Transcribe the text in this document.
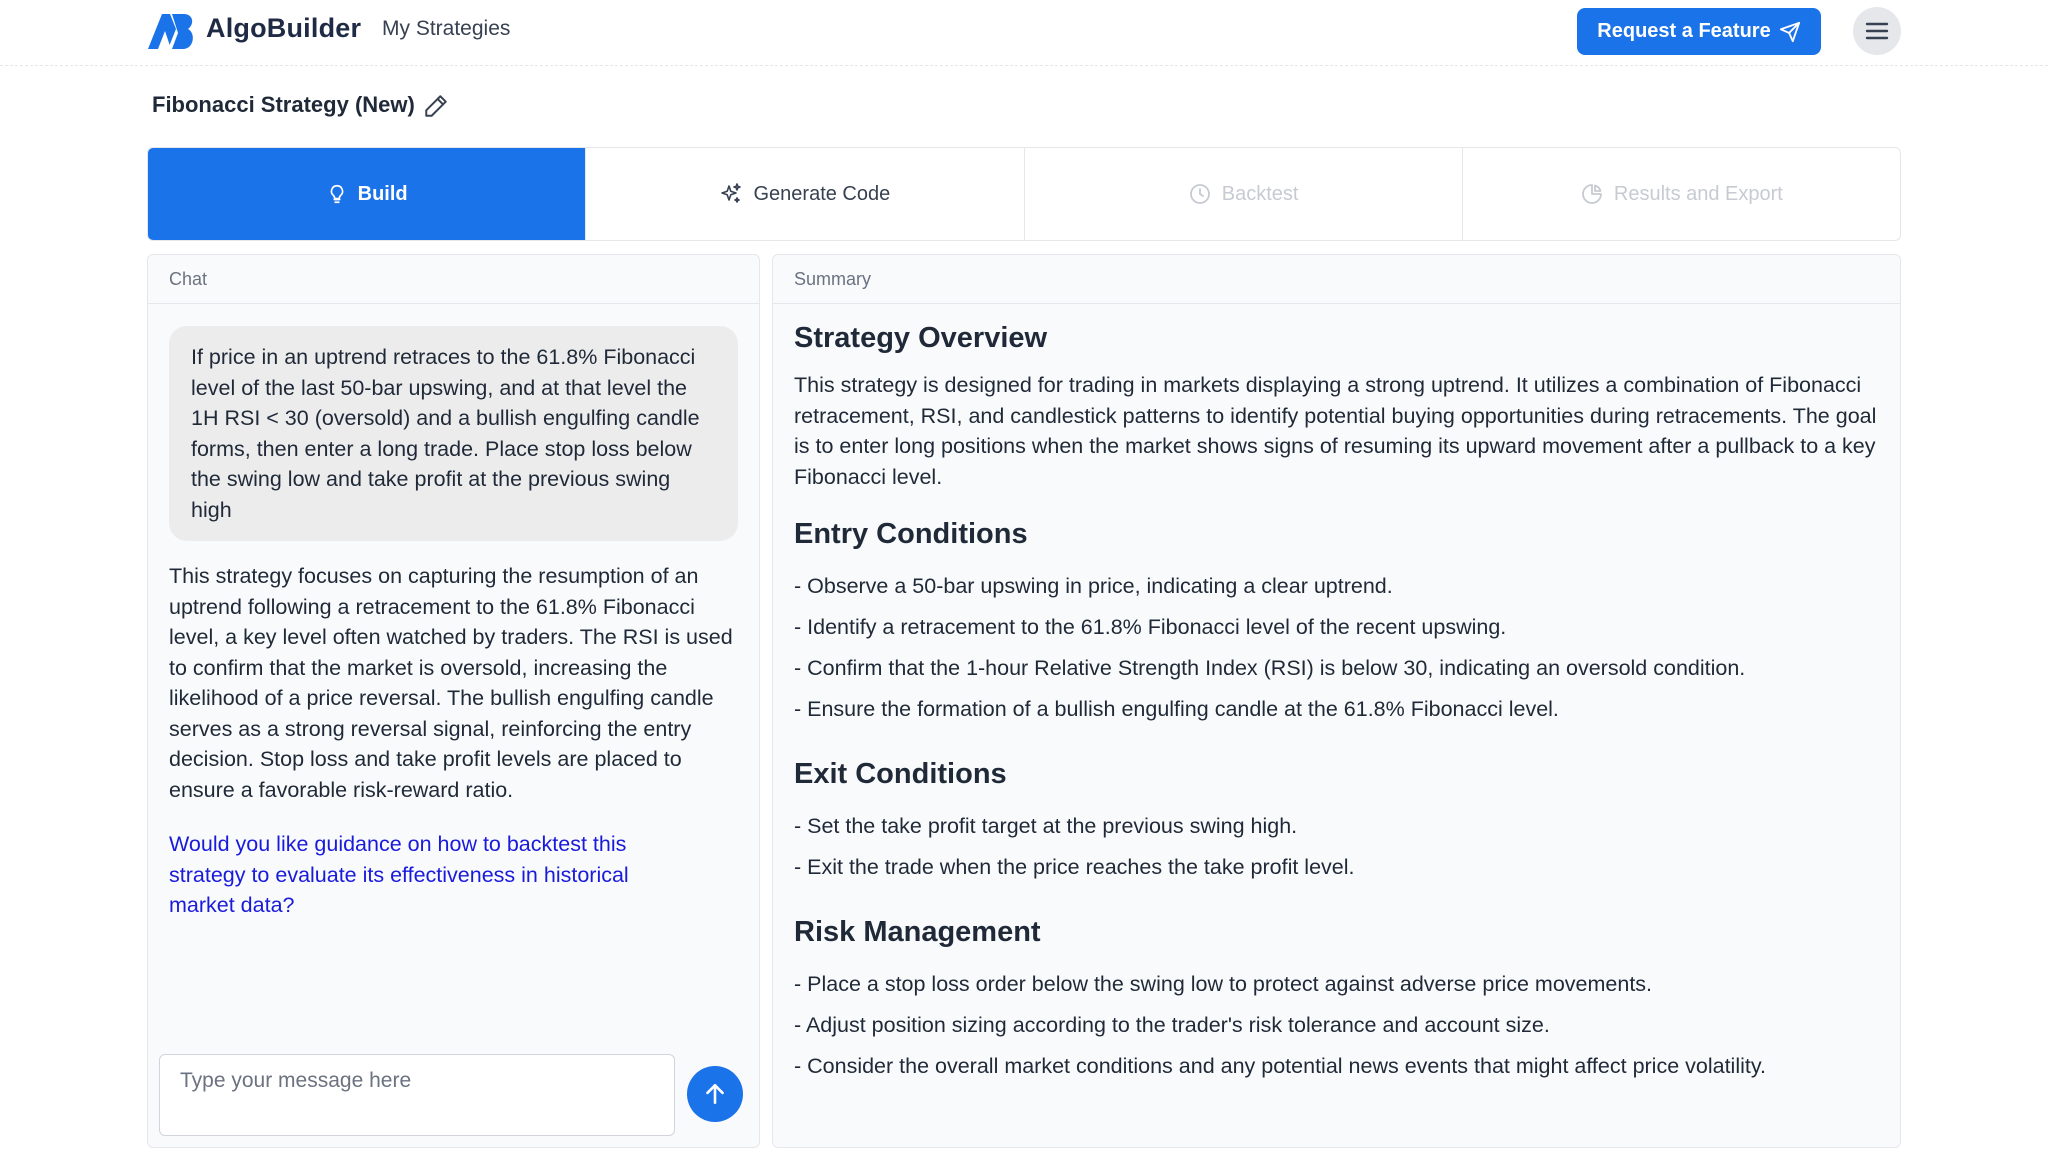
AlgoBuilder My Strategies	Request a Feature
Fibonacci Strategy (New)
Build	Generate Code	Backtest	Results and Export
Chat
If price in an uptrend retraces to the 61.8% Fibonacci level of the last 50-bar upswing, and at that level the 1H RSI < 30 (oversold) and a bullish engulfing candle forms, then enter a long trade. Place stop loss below the swing low and take profit at the previous swing high
This strategy focuses on capturing the resumption of an uptrend following a retracement to the 61.8% Fibonacci level, a key level often watched by traders. The RSI is used to confirm that the market is oversold, increasing the likelihood of a price reversal. The bullish engulfing candle serves as a strong reversal signal, reinforcing the entry decision. Stop loss and take profit levels are placed to ensure a favorable risk-reward ratio.
Would you like guidance on how to backtest this strategy to evaluate its effectiveness in historical market data?
Type your message here
Summary
Strategy Overview

This strategy is designed for trading in markets displaying a strong uptrend. It utilizes a combination of Fibonacci retracement, RSI, and candlestick patterns to identify potential buying opportunities during retracements. The goal is to enter long positions when the market shows signs of resuming its upward movement after a pullback to a key Fibonacci level.

Entry Conditions
- Observe a 50-bar upswing in price, indicating a clear uptrend.
- Identify a retracement to the 61.8% Fibonacci level of the recent upswing.
- Confirm that the 1-hour Relative Strength Index (RSI) is below 30, indicating an oversold condition.
- Ensure the formation of a bullish engulfing candle at the 61.8% Fibonacci level.
Exit Conditions
- Set the take profit target at the previous swing high.
- Exit the trade when the price reaches the take profit level.
Risk Management
- Place a stop loss order below the swing low to protect against adverse price movements.
- Adjust position sizing according to the trader's risk tolerance and account size.
- Consider the overall market conditions and any potential news events that might affect price volatility.
